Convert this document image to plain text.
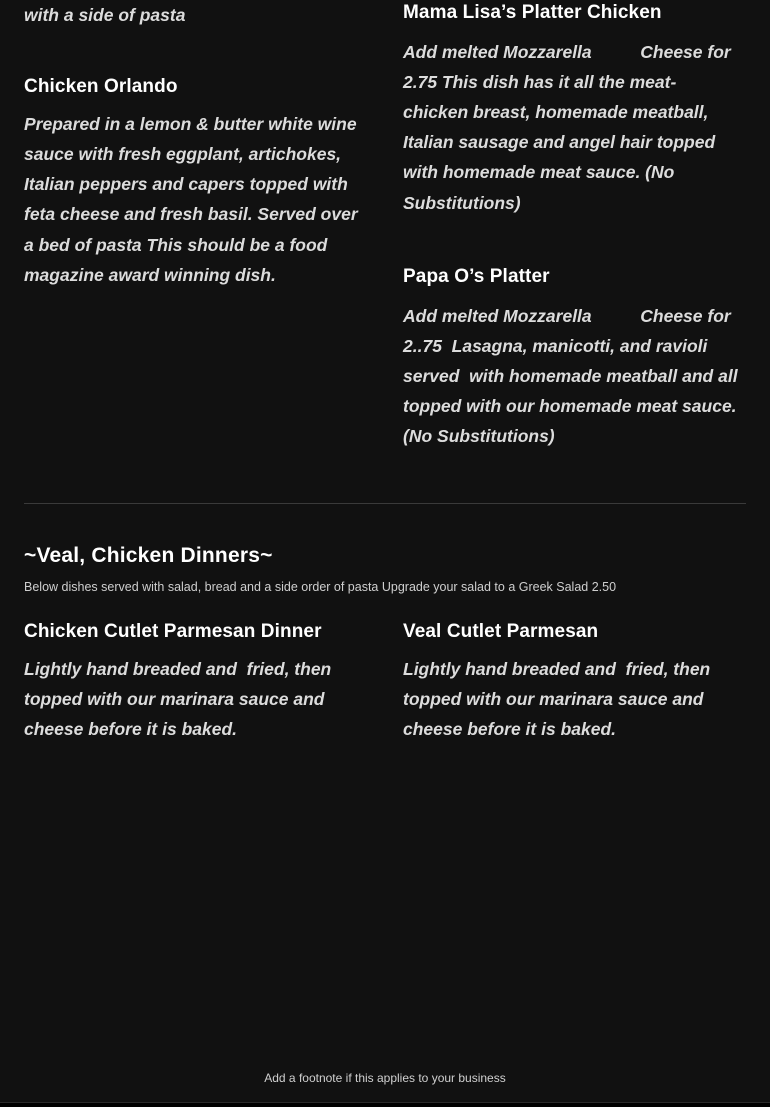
with a side of pasta

Chicken Orlando

Prepared in a lemon & butter white wine sauce with fresh eggplant, artichokes, Italian peppers and capers topped with feta cheese and fresh basil. Served over a bed of pasta This should be a food magazine award winning dish.

Mama Lisa’s Platter Chicken

Add melted Mozzarella          Cheese for 2.75 This dish has it all the meat- chicken breast, homemade meatball, Italian sausage and angel hair topped with homemade meat sauce. (No Substitutions)

Papa O’s Platter

Add melted Mozzarella          Cheese for 2..75  Lasagna, manicotti, and ravioli served  with homemade meatball and all topped with our homemade meat sauce. (No Substitutions)

~Veal, Chicken Dinners~

Below dishes served with salad, bread and a side order of pasta Upgrade your salad to a Greek Salad 2.50

Chicken Cutlet Parmesan Dinner

Lightly hand breaded and  fried, then topped with our marinara sauce and cheese before it is baked.

Veal Cutlet Parmesan

Lightly hand breaded and  fried, then topped with our marinara sauce and cheese before it is baked.

Add a footnote if this applies to your business
